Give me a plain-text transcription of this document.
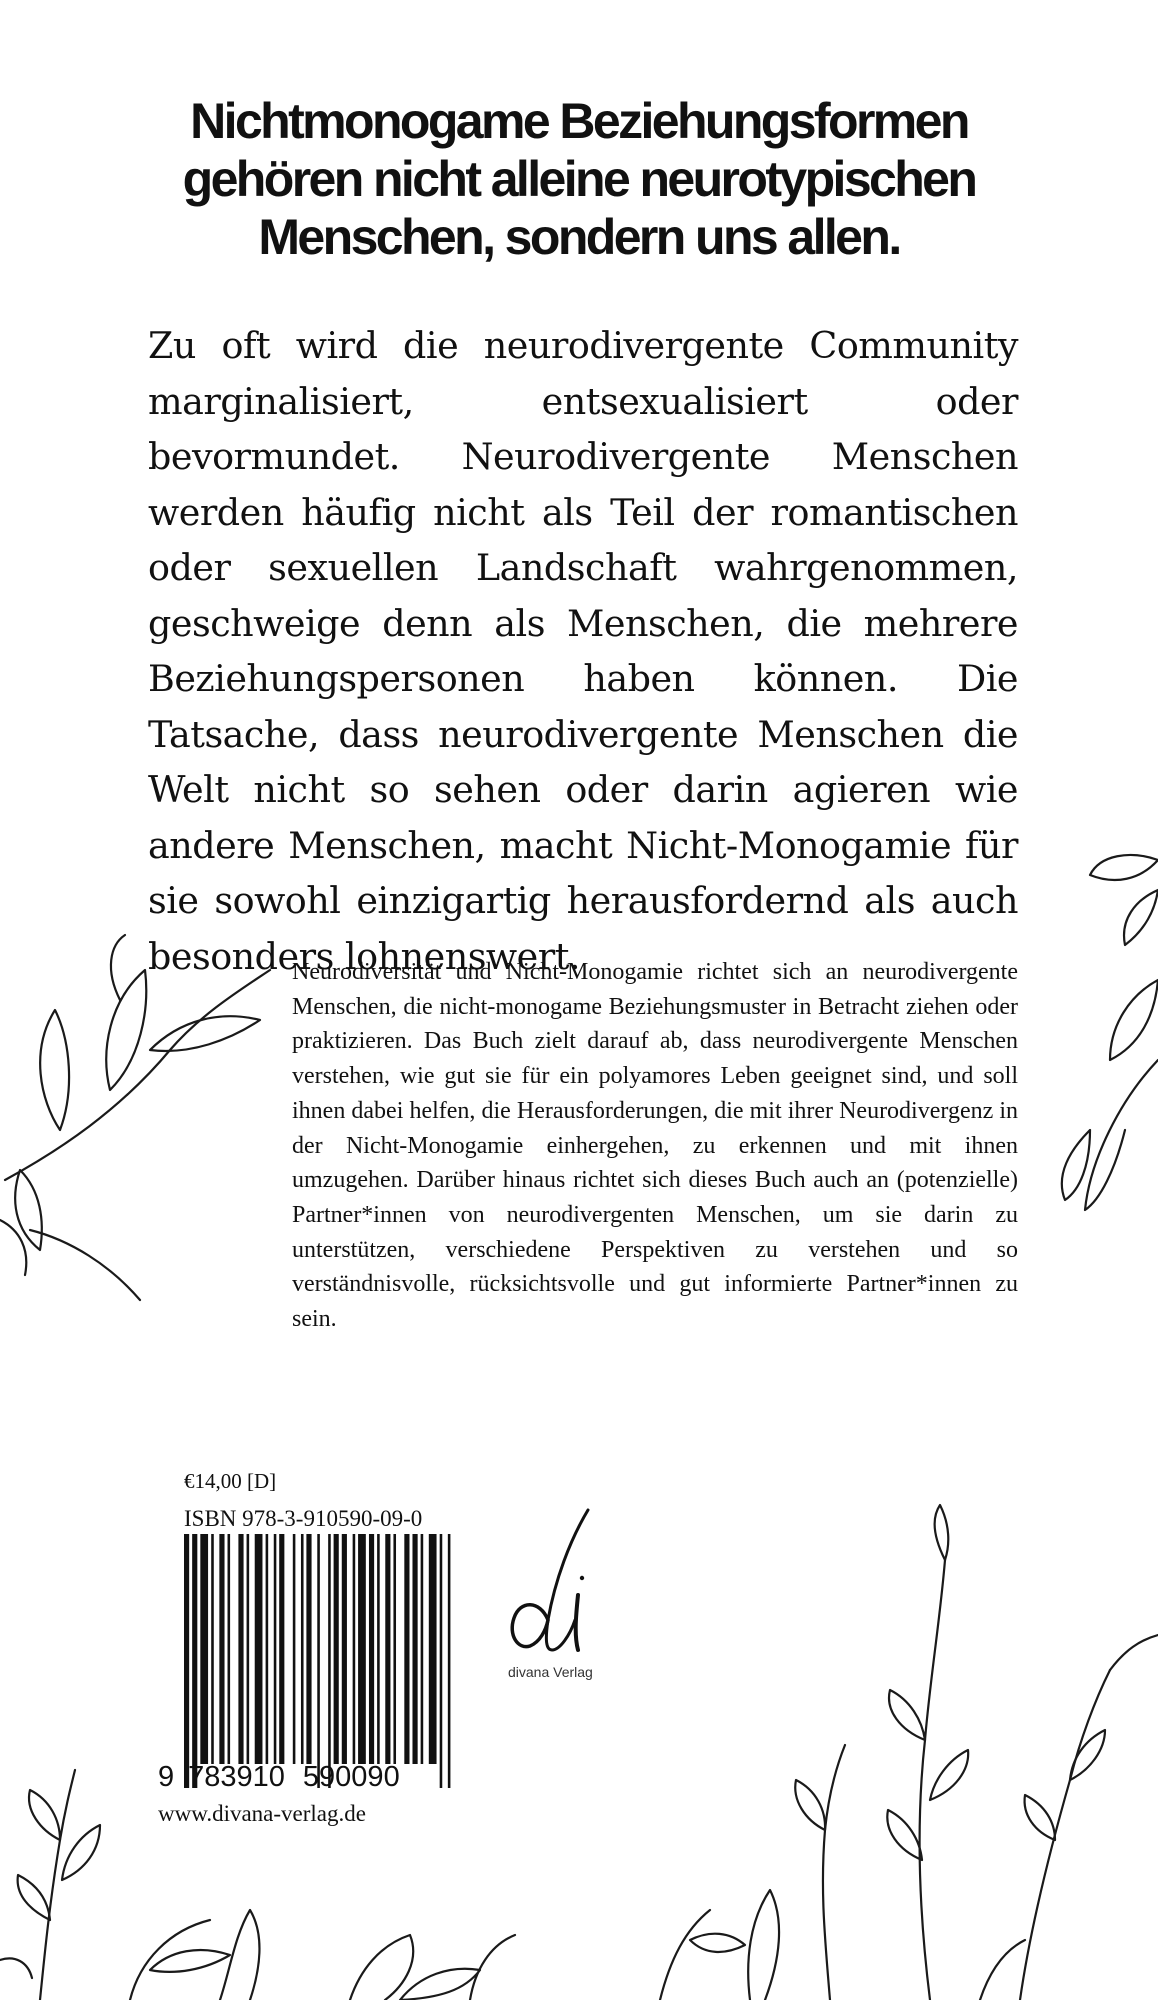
Nichtmonogame Beziehungsformen gehören nicht alleine neurotypischen Menschen, sondern uns allen.

Zu oft wird die neurodivergente Community marginalisiert, entsexualisiert oder bevormundet. Neurodivergente Menschen werden häufig nicht als Teil der romantischen oder sexuellen Landschaft wahrgenommen, geschweige denn als Menschen, die mehrere Beziehungspersonen haben können. Die Tatsache, dass neurodivergente Menschen die Welt nicht so sehen oder darin agieren wie andere Menschen, macht Nicht-Monogamie für sie sowohl einzigartig herausfordernd als auch besonders lohnenswert.

Neurodiversität und Nicht-Monogamie richtet sich an neurodivergente Menschen, die nicht-monogame Beziehungsmuster in Betracht ziehen oder praktizieren. Das Buch zielt darauf ab, dass neurodivergente Menschen verstehen, wie gut sie für ein polyamores Leben geeignet sind, und soll ihnen dabei helfen, die Herausforderungen, die mit ihrer Neurodivergenz in der Nicht-Monogamie einhergehen, zu erkennen und mit ihnen umzugehen. Darüber hinaus richtet sich dieses Buch auch an (potenzielle) Partner*innen von neurodivergenten Menschen, um sie darin zu unterstützen, verschiedene Perspektiven zu verstehen und so verständnisvolle, rücksichtsvolle und gut informierte Partner*innen zu sein.

€14,00 [D]
ISBN 978-3-910590-09-0
9 783910 590090
www.divana-verlag.de
divana Verlag
